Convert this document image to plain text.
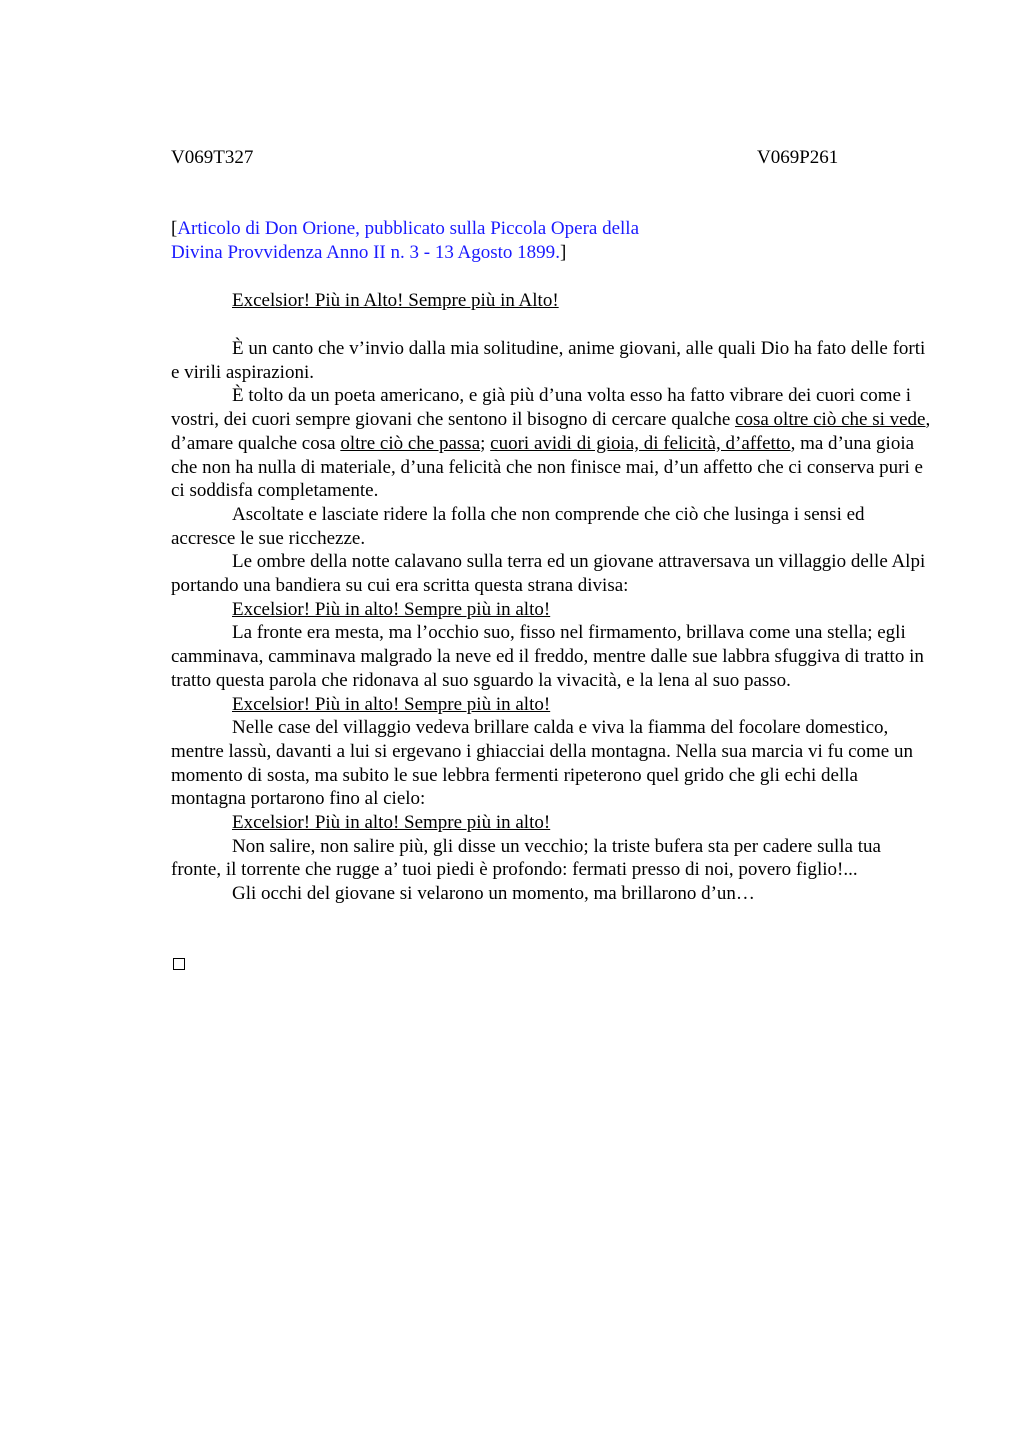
V069T327	V069P261
[Articolo di Don Orione, pubblicato sulla Piccola Opera della
Divina Provvidenza Anno II n. 3 - 13 Agosto 1899.]
Excelsior! Più in Alto! Sempre più in Alto!

È un canto che v’invio dalla mia solitudine, anime giovani, alle quali Dio ha fato delle forti e virili aspirazioni.

È tolto da un poeta americano, e già più d’una volta esso ha fatto vibrare dei cuori come i vostri, dei cuori sempre giovani che sentono il bisogno di cercare qualche cosa oltre ciò che si vede, d’amare qualche cosa oltre ciò che passa; cuori avidi di gioia, di felicità, d’affetto, ma d’una gioia che non ha nulla di materiale, d’una felicità che non finisce mai, d’un affetto che ci conserva puri e ci soddisfa completamente.

Ascoltate e lasciate ridere la folla che non comprende che ciò che lusinga i sensi ed accresce le sue ricchezze.

Le ombre della notte calavano sulla terra ed un giovane attraversava un villaggio delle Alpi portando una bandiera su cui era scritta questa strana divisa:

Excelsior! Più in alto! Sempre più in alto!

La fronte era mesta, ma l’occhio suo, fisso nel firmamento, brillava come una stella; egli camminava, camminava malgrado la neve ed il freddo, mentre dalle sue labbra sfuggiva di tratto in tratto questa parola che ridonava al suo sguardo la vivacità, e la lena al suo passo.

Excelsior! Più in alto! Sempre più in alto!

Nelle case del villaggio vedeva brillare calda e viva la fiamma del focolare domestico, mentre lassù, davanti a lui si ergevano i ghiacciai della montagna. Nella sua marcia vi fu come un momento di sosta, ma subito le sue lebbra fermenti ripeterono quel grido che gli echi della montagna portarono fino al cielo:

Excelsior! Più in alto! Sempre più in alto!

Non salire, non salire più, gli disse un vecchio; la triste bufera sta per cadere sulla tua fronte, il torrente che rugge a’ tuoi piedi è profondo: fermati presso di noi, povero figlio!...

Gli occhi del giovane si velarono un momento, ma brillarono d’un…
